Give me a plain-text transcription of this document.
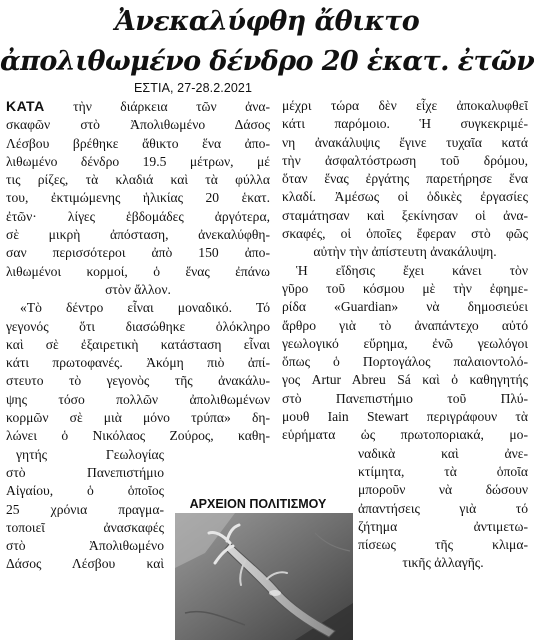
Ἀνεκαλύφθη ἄθικτο
ἀπολιθωμένο δένδρο 20 ἑκατ. ἐτῶν
ΕΣΤΙΑ, 27-28.2.2021
ΚΑΤΑ τὴν διάρκεια τῶν ἀνα-
σκαφῶν στὸ Ἀπολιθωμένο Δάσος
Λέσβου βρέθηκε ἄθικτο ἕνα ἀπο-
λιθωμένο δένδρο 19.5 μέτρων, μέ
τις ρίζες, τὰ κλαδιά καὶ τὰ φύλλα
του, ἐκτιμώμενης ἡλικίας 20 ἑκατ.
ἐτῶν· λίγες ἑβδομάδες ἀργότερα,
σὲ μικρὴ ἀπόσταση, ἀνεκαλύφθη-
σαν περισσότεροι ἀπὸ 150 ἀπο-
λιθωμένοι κορμοί, ὁ ἕνας ἐπάνω
στὸν ἄλλον.
«Τὸ δέντρο εἶναι μοναδικό. Τό
γεγονός ὅτι διασώθηκε ὁλόκληρο
καὶ σὲ ἐξαιρετικὴ κατάσταση εἶναι
κάτι πρωτοφανές. Ἀκόμη πιὸ ἀπί-
στευτο τὸ γεγονὸς τῆς ἀνακάλυ-
ψης τόσο πολλῶν ἀπολιθωμένων
κορμῶν σὲ μιὰ μόνο τρύπα» δη-
λώνει ὁ Νικόλαος Ζούρος, καθη-
γητής Γεωλογίας
στὸ Πανεπιστήμιο
Αἰγαίου, ὁ ὁποῖος
25 χρόνια πραγμα-
τοποιεῖ ἀνασκαφές
στὸ Ἀπολιθωμένο
Δάσος Λέσβου καὶ
μέχρι τώρα δὲν εἶχε ἀποκαλυφθεῖ
κάτι παρόμοιο. Ἡ συγκεκριμέ-
νη ἀνακάλυψις ἔγινε τυχαῖα κατά
τὴν ἀσφαλτόστρωση τοῦ δρόμου,
ὅταν ἕνας ἐργάτης παρετήρησε ἕνα
κλαδί. Ἀμέσως οἱ ὁδικὲς ἐργασίες
σταμάτησαν καὶ ξεκίνησαν οἱ ἀνα-
σκαφές, οἱ ὁποῖες ἔφεραν στὸ φῶς
αὐτὴν τὴν ἀπίστευτη ἀνακάλυψη.
Ἡ εἴδησις ἔχει κάνει τὸν
γῦρο τοῦ κόσμου μὲ τὴν ἐφημε-
ρίδα «Guardian» νὰ δημοσιεύει
ἄρθρο γιὰ τὸ ἀναπάντεχο αὐτό
γεωλογικό εὕρημα, ἐνῶ γεωλόγοι
ὅπως ὁ Πορτογάλος παλαιοντολό-
γος Artur Abreu Sá καὶ ὁ καθηγητής
στὸ Πανεπιστήμιο τοῦ Πλύ-
μουθ Iain Stewart περιγράφουν τὰ
εὑρήματα ὡς πρωτοποριακά, μο-
ναδικὰ καὶ ἀνε-
κτίμητα, τὰ ὁποῖα
μποροῦν νὰ δώσουν
ἀπαντήσεις γιὰ τό
ζήτημα ἀντιμετω-
πίσεως τῆς κλιμα-
τικῆς ἀλλαγῆς.
ΑΡΧΕΙΟΝ ΠΟΛΙΤΙΣΜΟΥ
